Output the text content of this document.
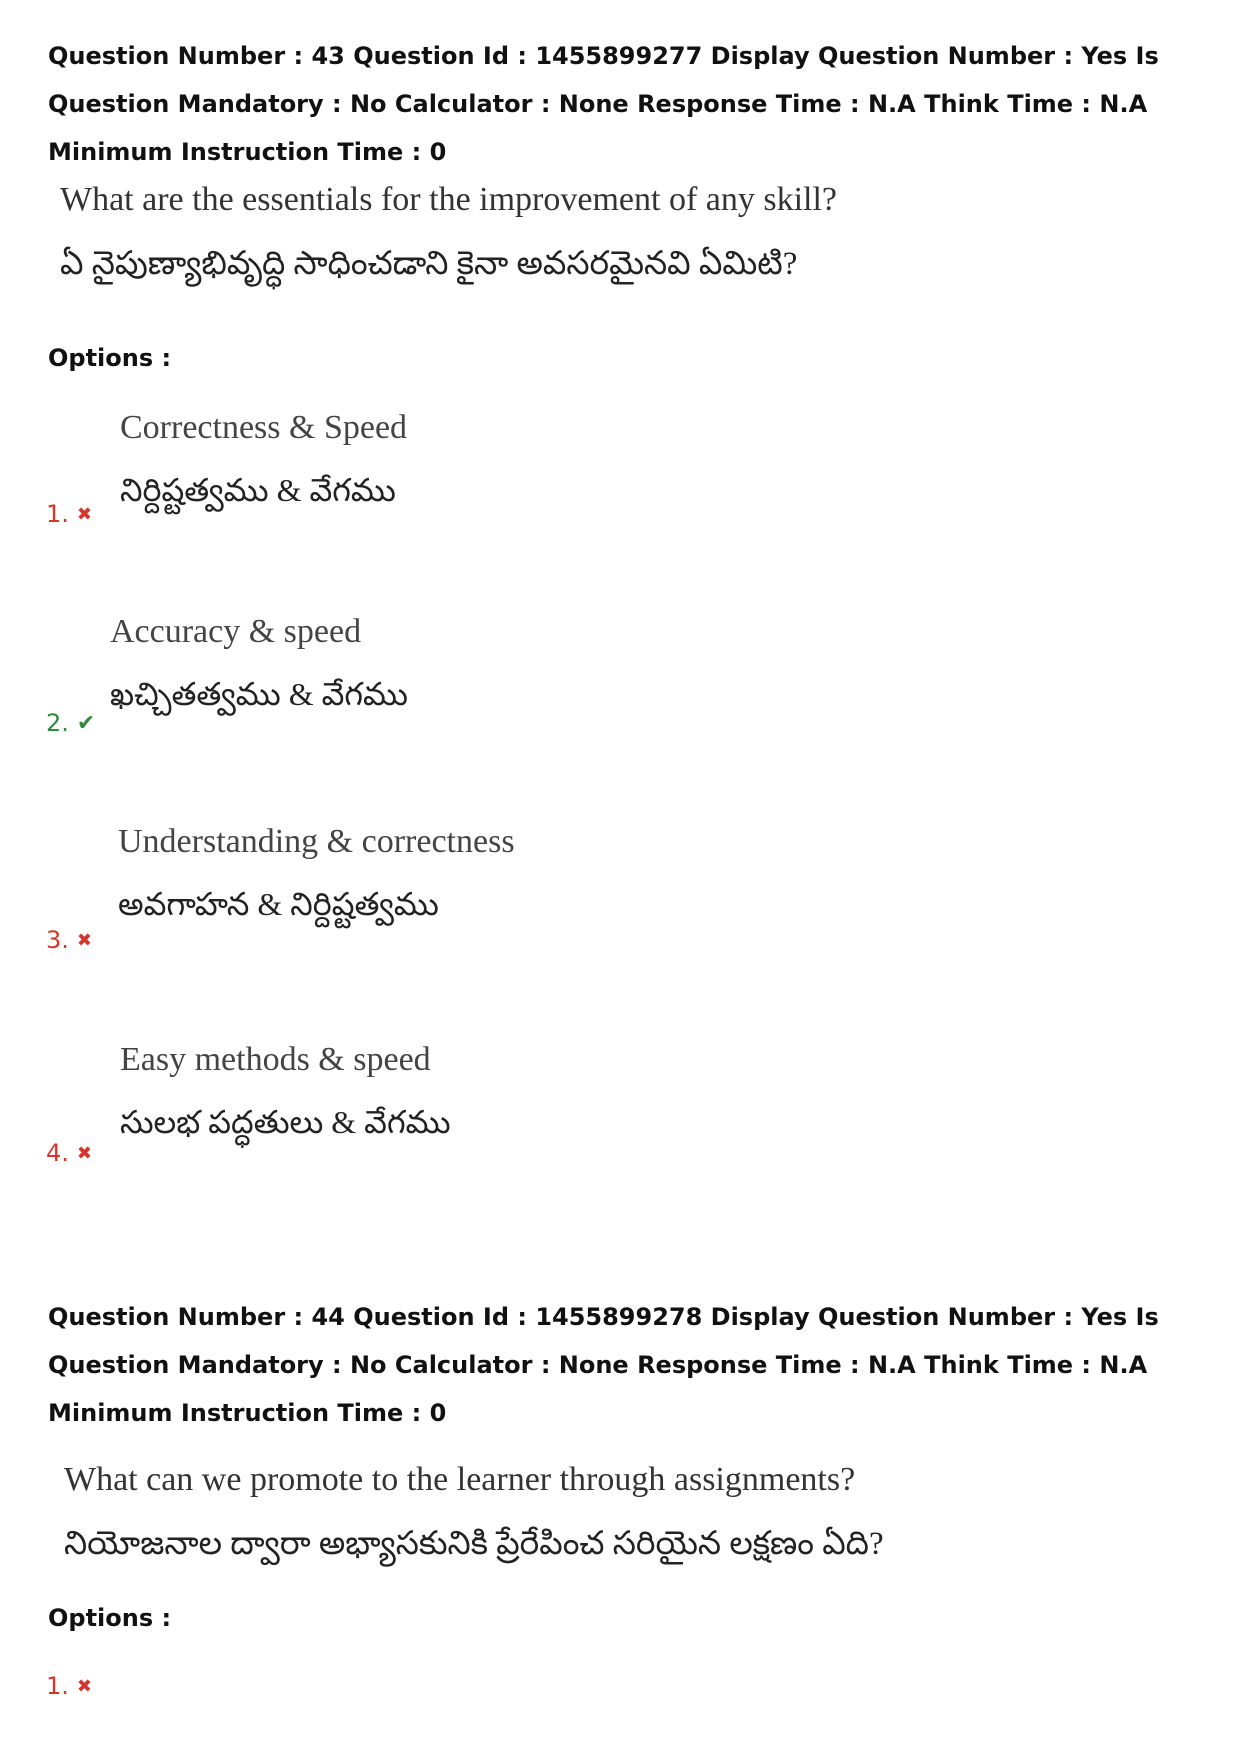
Question Number : 43 Question Id : 1455899277 Display Question Number : Yes Is Question Mandatory : No Calculator : None Response Time : N.A Think Time : N.A Minimum Instruction Time : 0
What are the essentials for the improvement of any skill?
ఏ నైపుణ్యాభివృద్ధి సాధించడాని కైనా అవసరమైనవి ఏమిటి?
Options :
Correctness & Speed
నిర్దిష్టత్వము & వేగము
1. ✖
Accuracy & speed
ఖచ్చితత్వము & వేగము
2. ✔
Understanding & correctness
అవగాహన & నిర్దిష్టత్వము
3. ✖
Easy methods & speed
సులభ పద్ధతులు & వేగము
4. ✖
Question Number : 44 Question Id : 1455899278 Display Question Number : Yes Is Question Mandatory : No Calculator : None Response Time : N.A Think Time : N.A Minimum Instruction Time : 0
What can we promote to the learner through assignments?
నియోజనాల ద్వారా అభ్యాసకునికి ప్రేరేపించ సరియైన లక్షణం ఏది?
Options :
1. ✖
